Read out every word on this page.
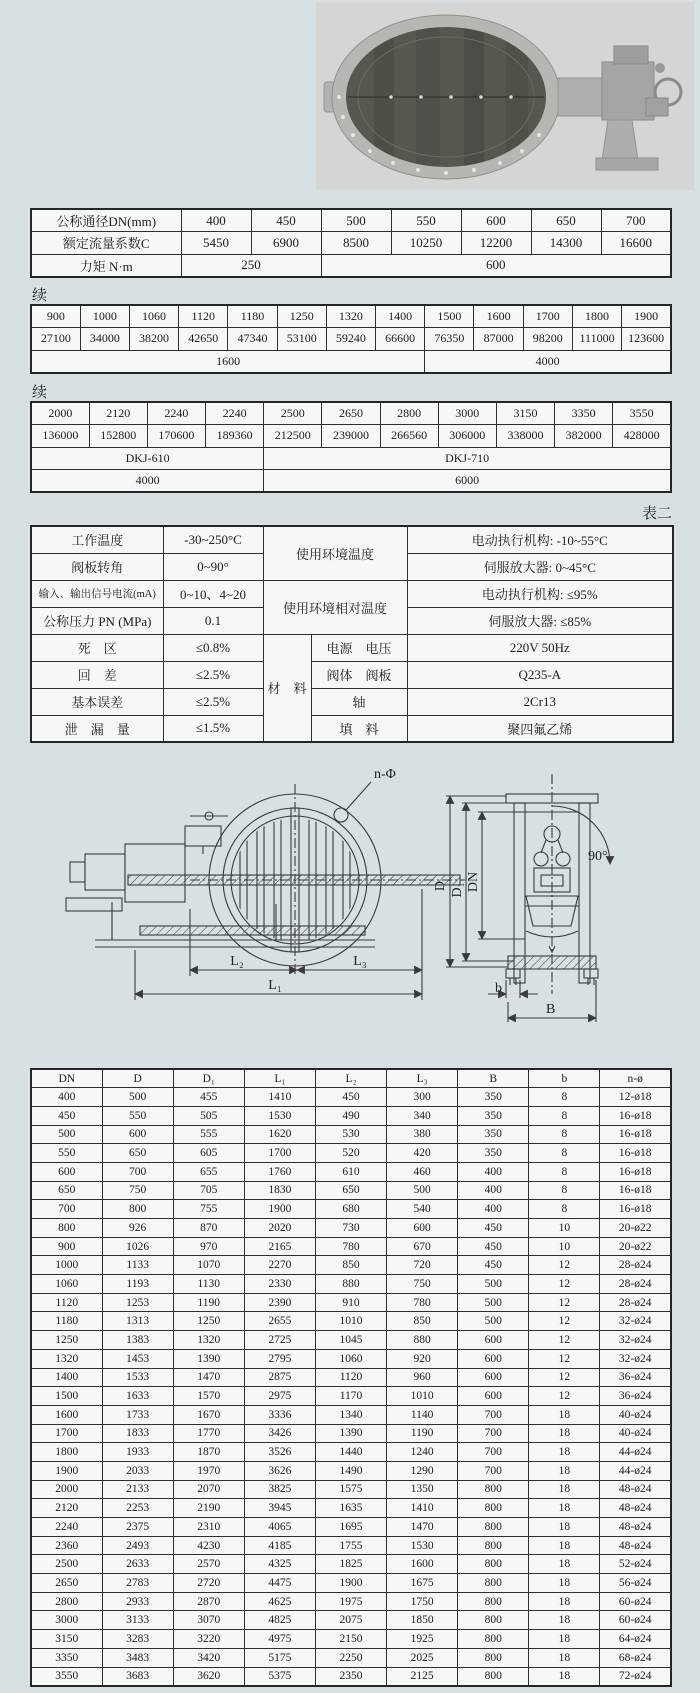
公称通径DN(mm)	400	450	500	550	600	650	700
额定流量系数C	5450	6900	8500	10250	12200	14300	16600
力矩 N·m	250		600				
续
900	1000	1060	1120	1180	1250	1320	1400	1500	1600	1700	1800	1900
27100	34000	38200	42650	47340	53100	59240	66600	76350	87000	98200	111000	123600
1600								4000				
续
2000	2120	2240	2240	2500	2650	2800	3000	3150	3350	3550
136000	152800	170600	189360	212500	239000	266560	306000	338000	382000	428000
DKJ-610				DKJ-710						
4000				6000						
表二
工作温度	-30~250°C	使用环境温度		电动执行机构: -10~55°C
阀板转角	0~90°			伺服放大器: 0~45°C
输入、输出信号电流(mA)	0~10、4~20	使用环境相对温度		电动执行机构: ≤95%
公称压力 PN (MPa)	0.1			伺服放大器: ≤85%
死　区	≤0.8%	材　料	电源　电压	220V 50Hz
回　差	≤2.5%		阀体　阀板	Q235-A
基本误差	≤2.5%		轴	2Cr13
泄　漏　量	≤1.5%		填　料	聚四氟乙烯
n-Φ
L₂	L₃
L₁
D D₁ DN
90°
b
B
DN	D	D₁	L₁	L₂	L₃	B	b	n-ø
400	500	455	1410	450	300	350	8	12-ø18
450	550	505	1530	490	340	350	8	16-ø18
500	600	555	1620	530	380	350	8	16-ø18
550	650	605	1700	520	420	350	8	16-ø18
600	700	655	1760	610	460	400	8	16-ø18
650	750	705	1830	650	500	400	8	16-ø18
700	800	755	1900	680	540	400	8	16-ø18
800	926	870	2020	730	600	450	10	20-ø22
900	1026	970	2165	780	670	450	10	20-ø22
1000	1133	1070	2270	850	720	450	12	28-ø24
1060	1193	1130	2330	880	750	500	12	28-ø24
1120	1253	1190	2390	910	780	500	12	28-ø24
1180	1313	1250	2655	1010	850	500	12	32-ø24
1250	1383	1320	2725	1045	880	600	12	32-ø24
1320	1453	1390	2795	1060	920	600	12	32-ø24
1400	1533	1470	2875	1120	960	600	12	36-ø24
1500	1633	1570	2975	1170	1010	600	12	36-ø24
1600	1733	1670	3336	1340	1140	700	18	40-ø24
1700	1833	1770	3426	1390	1190	700	18	40-ø24
1800	1933	1870	3526	1440	1240	700	18	44-ø24
1900	2033	1970	3626	1490	1290	700	18	44-ø24
2000	2133	2070	3825	1575	1350	800	18	48-ø24
2120	2253	2190	3945	1635	1410	800	18	48-ø24
2240	2375	2310	4065	1695	1470	800	18	48-ø24
2360	2493	4230	4185	1755	1530	800	18	48-ø24
2500	2633	2570	4325	1825	1600	800	18	52-ø24
2650	2783	2720	4475	1900	1675	800	18	56-ø24
2800	2933	2870	4625	1975	1750	800	18	60-ø24
3000	3133	3070	4825	2075	1850	800	18	60-ø24
3150	3283	3220	4975	2150	1925	800	18	64-ø24
3350	3483	3420	5175	2250	2025	800	18	68-ø24
3550	3683	3620	5375	2350	2125	800	18	72-ø24
